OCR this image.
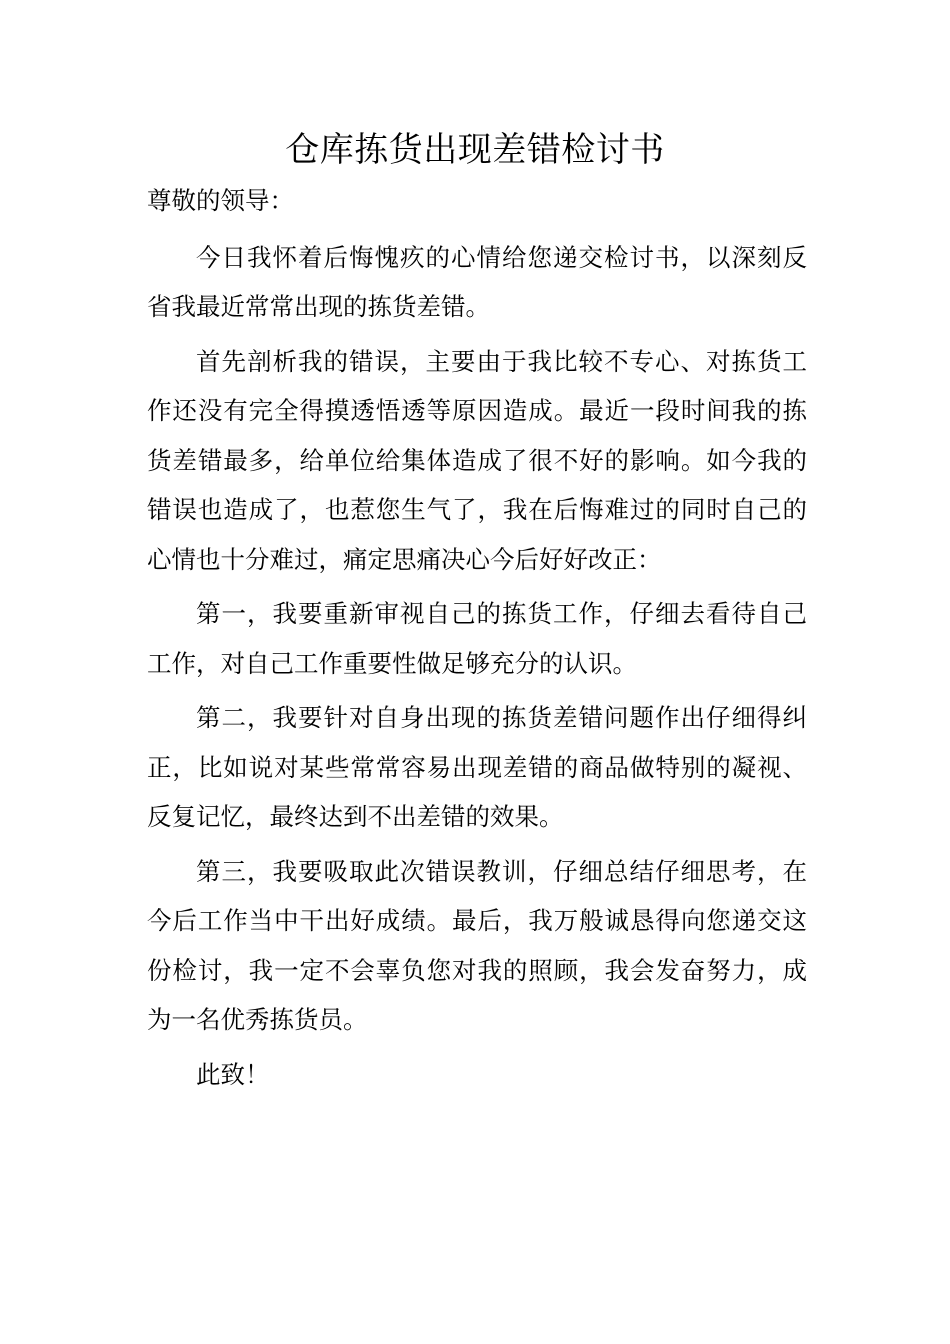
仓库拣货出现差错检讨书

尊敬的领导：

今日我怀着后悔愧疚的心情给您递交检讨书，以深刻反省我最近常常出现的拣货差错。

首先剖析我的错误，主要由于我比较不专心、对拣货工作还没有完全得摸透悟透等原因造成。最近一段时间我的拣货差错最多，给单位给集体造成了很不好的影响。如今我的错误也造成了，也惹您生气了，我在后悔难过的同时自己的心情也十分难过，痛定思痛决心今后好好改正：

第一，我要重新审视自己的拣货工作，仔细去看待自己工作，对自己工作重要性做足够充分的认识。

第二，我要针对自身出现的拣货差错问题作出仔细得纠正，比如说对某些常常容易出现差错的商品做特别的凝视、反复记忆，最终达到不出差错的效果。

第三，我要吸取此次错误教训，仔细总结仔细思考，在今后工作当中干出好成绩。最后，我万般诚恳得向您递交这份检讨，我一定不会辜负您对我的照顾，我会发奋努力，成为一名优秀拣货员。

此致！
